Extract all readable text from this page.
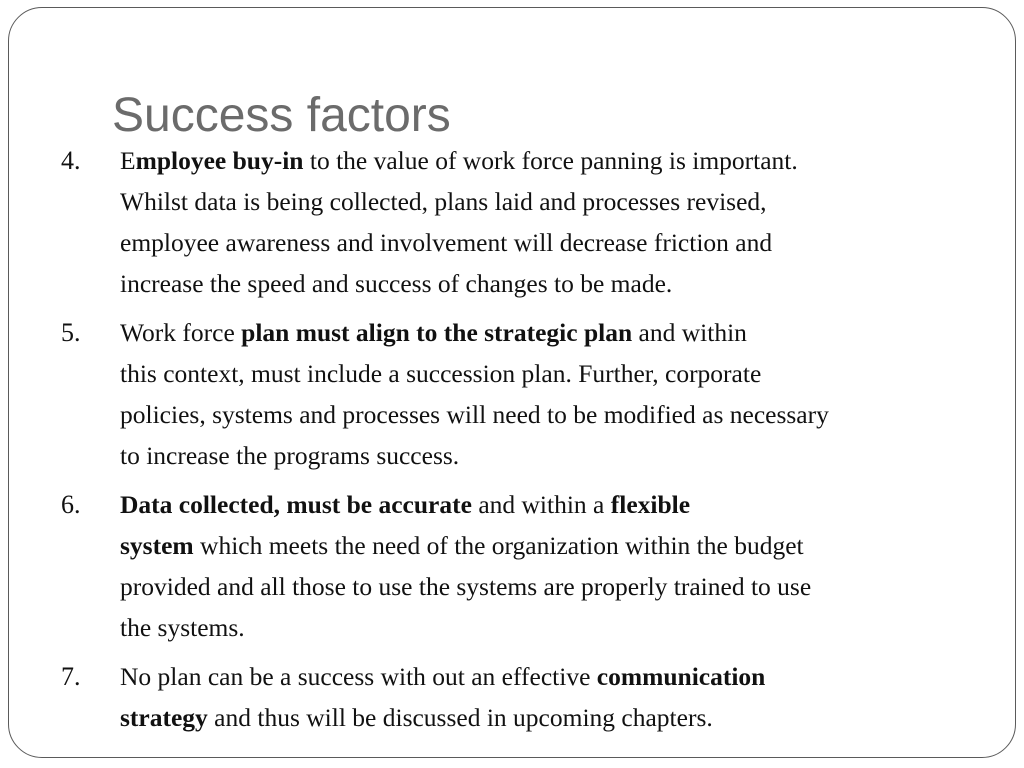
Success factors
4. Employee buy-in to the value of work force panning is important.
Whilst data is being collected, plans laid and processes revised,
employee awareness and involvement will decrease friction and
increase the speed and success of changes to be made.
5. Work force plan must align to the strategic plan and within
this context, must include a succession plan. Further, corporate
policies, systems and processes will need to be modified as necessary
to increase the programs success.
6. Data collected, must be accurate and within a flexible
system which meets the need of the organization within the budget
provided and all those to use the systems are properly trained to use
the systems.
7. No plan can be a success with out an effective communication
strategy and thus will be discussed in upcoming chapters.
